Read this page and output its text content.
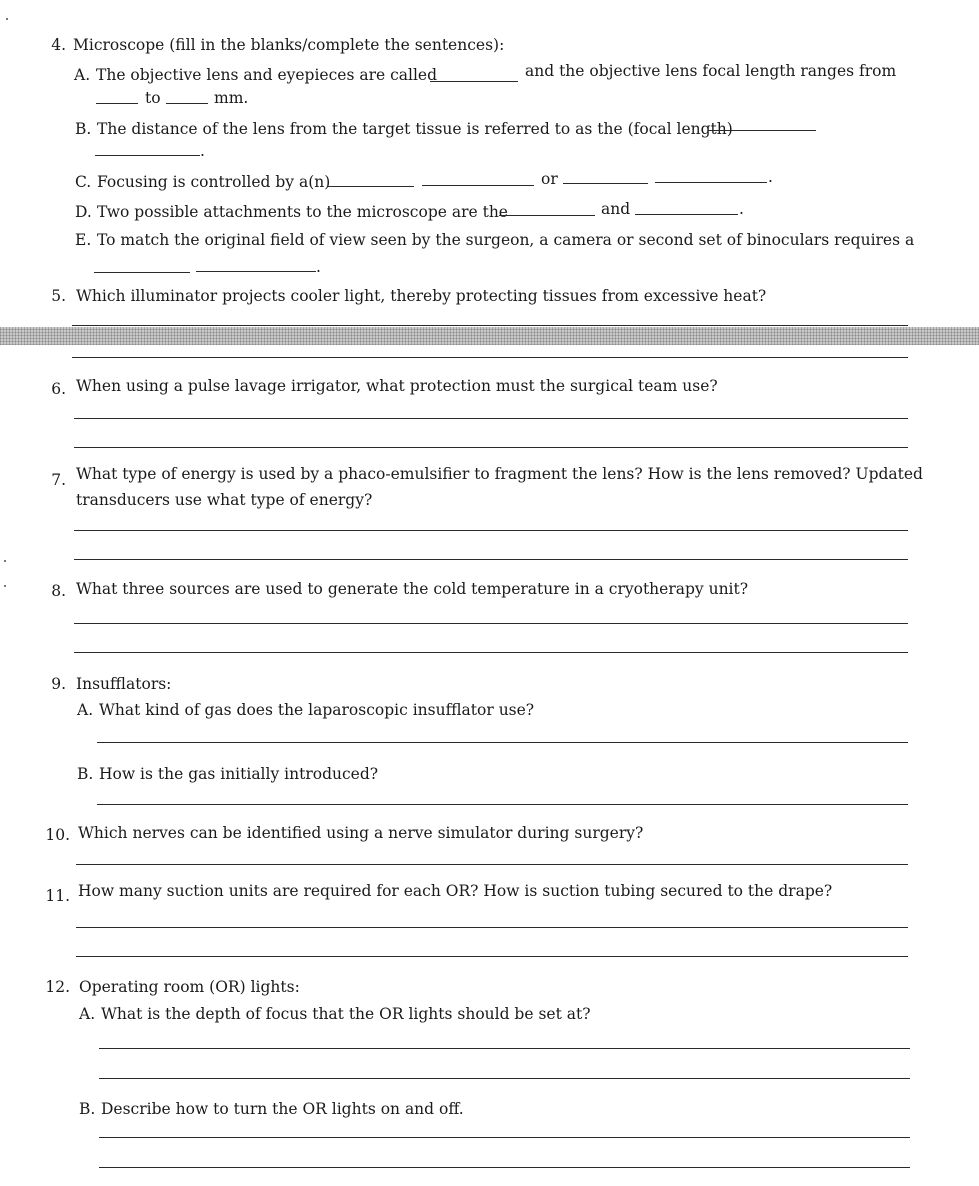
4. Microscope (fill in the blanks/complete the sentences):
A. The objective lens and eyepieces are called	and the objective lens focal length ranges from
to	mm.
B. The distance of the lens from the target tissue is referred to as the (focal length)
.
C. Focusing is controlled by a(n)	or	.
D. Two possible attachments to the microscope are the	and	.
E. To match the original field of view seen by the surgeon, a camera or second set of binoculars requires a
.
5. Which illuminator projects cooler light, thereby protecting tissues from excessive heat?
6. When using a pulse lavage irrigator, what protection must the surgical team use?
7. What type of energy is used by a phaco-emulsifier to fragment the lens? How is the lens removed? Updated
transducers use what type of energy?
8. What three sources are used to generate the cold temperature in a cryotherapy unit?
9. Insufflators:
A. What kind of gas does the laparoscopic insufflator use?
B. How is the gas initially introduced?
10. Which nerves can be identified using a nerve simulator during surgery?
11. How many suction units are required for each OR? How is suction tubing secured to the drape?
12. Operating room (OR) lights:
A. What is the depth of focus that the OR lights should be set at?
B. Describe how to turn the OR lights on and off.
